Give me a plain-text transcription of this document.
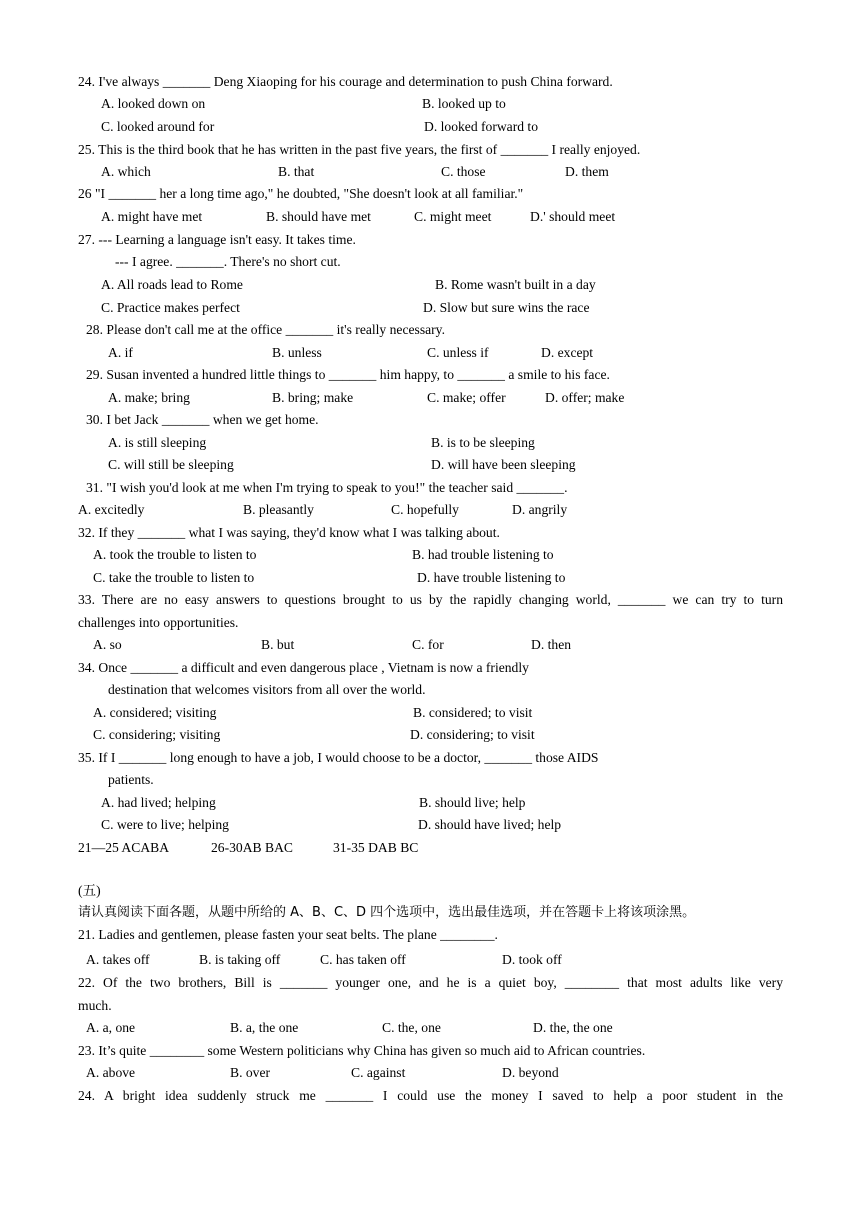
24. I've always _______ Deng Xiaoping for his courage and determination to push China forward.
A. looked down on	B. looked up to
C. looked around for	D. looked forward to
25. This is the third book that he has written in the past five years, the first of _______ I really enjoyed.
A. which	B. that	C. those	D. them
26 "I _______ her a long time ago," he doubted, "She doesn't look at all familiar."
A. might have met	B. should have met	C. might meet	D.' should meet
27. --- Learning a language isn't easy. It takes time.
--- I agree. _______. There's no short cut.
A. All roads lead to Rome	B. Rome wasn't built in a day
C. Practice makes perfect	D. Slow but sure wins the race
28. Please don't call me at the office _______ it's really necessary.
A. if	B. unless	C. unless if	D. except
29. Susan invented a hundred little things to _______ him happy, to _______ a smile to his face.
A. make; bring	B. bring; make	C. make; offer	D. offer; make
30. I bet Jack _______ when we get home.
A. is still sleeping	B. is to be sleeping
C. will still be sleeping	D. will have been sleeping
31. "I wish you'd look at me when I'm trying to speak to you!" the teacher said _______.
A. excitedly	B. pleasantly	C. hopefully	D. angrily
32. If they _______ what I was saying, they'd know what I was talking about.
A. took the trouble to listen to	B. had trouble listening to
C. take the trouble to listen to	D. have trouble listening to
33. There are no easy answers to questions brought to us by the rapidly changing world, _______ we can try to turn
challenges into opportunities.
A. so	B. but	C. for	D. then
34. Once _______ a difficult and even dangerous place , Vietnam is now a friendly
destination that welcomes visitors from all over the world.
A. considered; visiting	B. considered; to visit
C. considering; visiting	D. considering; to visit
35. If I _______ long enough to have a job, I would choose to be a doctor, _______ those AIDS
patients.
A. had lived; helping	B. should live; help
C. were to live; helping	D. should have lived; help
21—25 ACABA	26-30AB BAC	31-35 DAB BC
(五)
请认真阅读下面各题，从题中所给的 A、B、C、D 四个选项中，选出最佳选项，并在答题卡上将该项涂黑。
21. Ladies and gentlemen, please fasten your seat belts. The plane ________.
A. takes off	B. is taking off	C. has taken off	D. took off
22. Of the two brothers, Bill is _______ younger one, and he is a quiet boy, ________ that most adults like very
much.
A. a, one	B. a, the one	C. the, one	D. the, the one
23. It’s quite ________ some Western politicians why China has given so much aid to African countries.
A. above	B. over	C. against	D. beyond
24. A bright idea suddenly struck me _______ I could use the money I saved to help a poor student in the
